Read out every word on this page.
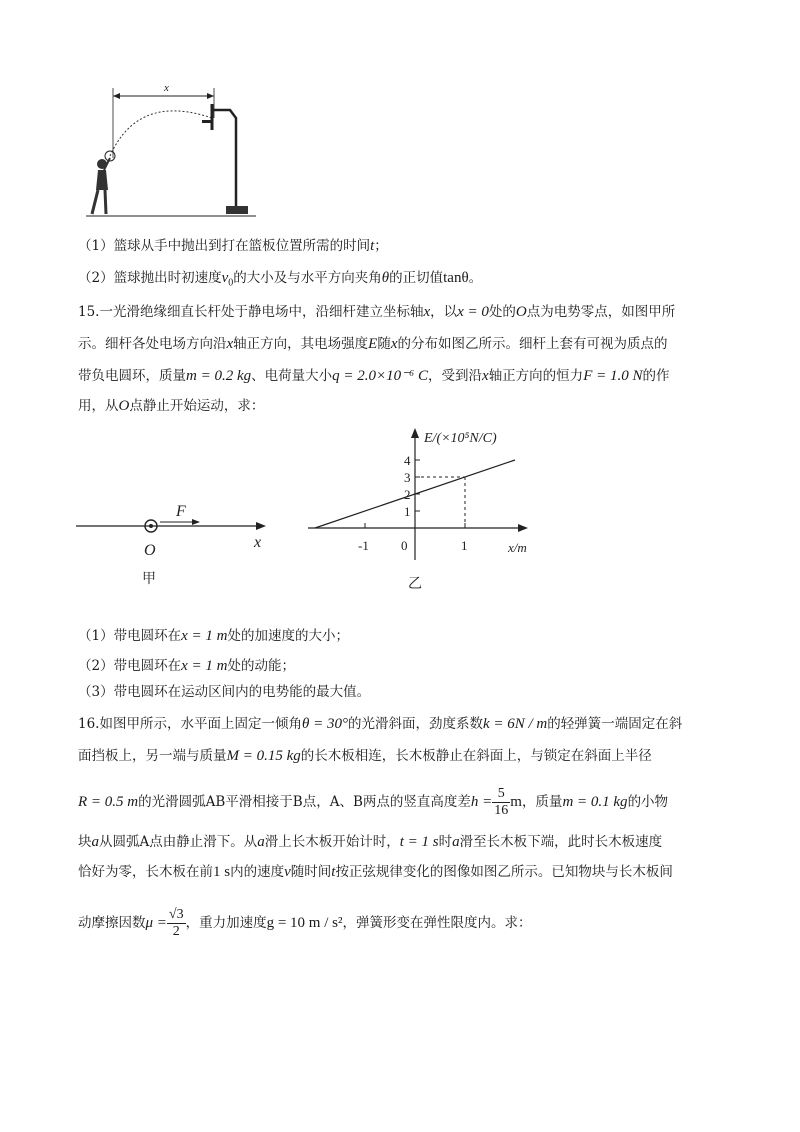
x
（1）篮球从手中抛出到打在篮板位置所需的时间t；
（2）篮球抛出时初速度$v_0$的大小及与水平方向夹角θ的正切值tanθ。
15.一光滑绝缘细直长杆处于静电场中，沿细杆建立坐标轴x，以x = 0处的O点为电势零点，如图甲所
示。细杆各处电场方向沿x轴正方向，其电场强度E随x的分布如图乙所示。细杆上套有可视为质点的
带负电圆环，质量m = 0.2 kg、电荷量大小q = 2.0×10⁻⁶ C，受到沿x轴正方向的恒力F = 1.0 N的作
用，从O点静止开始运动，求：
F
O	x
甲
1
2
3
4
-1 0	1
E/(×10⁵N/C)
x/m
乙
（1）带电圆环在x = 1 m处的加速度的大小；
（2）带电圆环在x = 1 m处的动能；
（3）带电圆环在运动区间内的电势能的最大值。
16.如图甲所示，水平面上固定一倾角θ = 30°的光滑斜面，劲度系数k = 6N / m的轻弹簧一端固定在斜
面挡板上，另一端与质量M = 0.15 kg的长木板相连，长木板静止在斜面上，与锁定在斜面上半径
R = 0.5 m的光滑圆弧AB平滑相接于B点，A、B两点的竖直高度差$h = \frac{5}{16}$ m，质量m = 0.1 kg的小物
块a从圆弧A点由静止滑下。从a滑上长木板开始计时，t = 1 s时a滑至长木板下端，此时长木板速度
恰好为零，长木板在前1 s内的速度v随时间t按正弦规律变化的图像如图乙所示。已知物块与长木板间
动摩擦因数$\mu = \frac{√3}{2}$ ，重力加速度g = 10 m / s²，弹簧形变在弹性限度内。求：
